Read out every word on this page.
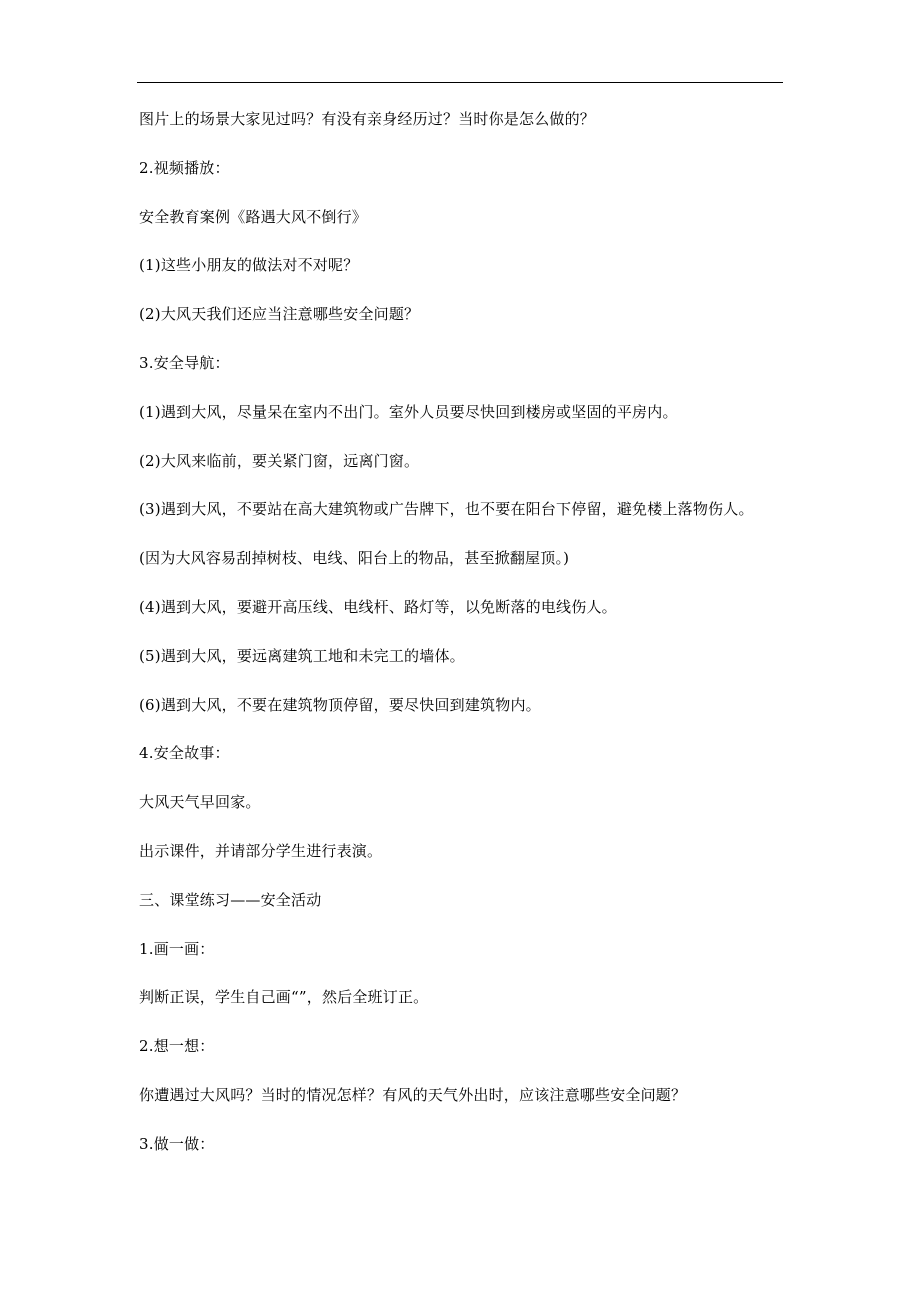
图片上的场景大家见过吗？有没有亲身经历过？当时你是怎么做的？

2.视频播放：

安全教育案例《路遇大风不倒行》

(1)这些小朋友的做法对不对呢？

(2)大风天我们还应当注意哪些安全问题？

3.安全导航：

(1)遇到大风，尽量呆在室内不出门。室外人员要尽快回到楼房或坚固的平房内。

(2)大风来临前，要关紧门窗，远离门窗。

(3)遇到大风，不要站在高大建筑物或广告牌下，也不要在阳台下停留，避免楼上落物伤人。

(因为大风容易刮掉树枝、电线、阳台上的物品，甚至掀翻屋顶。)

(4)遇到大风，要避开高压线、电线杆、路灯等，以免断落的电线伤人。

(5)遇到大风，要远离建筑工地和未完工的墙体。

(6)遇到大风，不要在建筑物顶停留，要尽快回到建筑物内。

4.安全故事：

大风天气早回家。

出示课件，并请部分学生进行表演。

三、课堂练习——安全活动

1.画一画：

判断正误，学生自己画“”，然后全班订正。

2.想一想：

你遭遇过大风吗？当时的情况怎样？有风的天气外出时，应该注意哪些安全问题？

3.做一做：
